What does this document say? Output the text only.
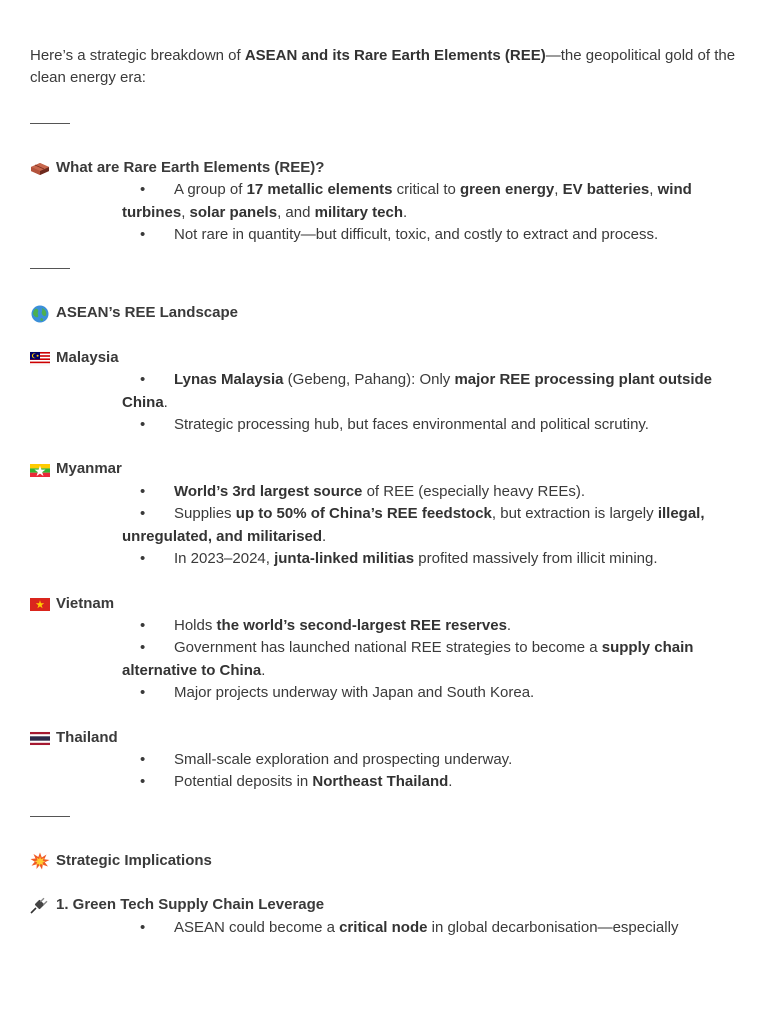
Here’s a strategic breakdown of ASEAN and its Rare Earth Elements (REE)—the geopolitical gold of the clean energy era:

What are Rare Earth Elements (REE)?

• A group of 17 metallic elements critical to green energy, EV batteries, wind turbines, solar panels, and military tech.

• Not rare in quantity—but difficult, toxic, and costly to extract and process.

ASEAN’s REE Landscape
Malaysia

• Lynas Malaysia (Gebeng, Pahang): Only major REE processing plant outside China.

• Strategic processing hub, but faces environmental and political scrutiny.

Myanmar

• World’s 3rd largest source of REE (especially heavy REEs).

• Supplies up to 50% of China’s REE feedstock, but extraction is largely illegal, unregulated, and militarised.

• In 2023–2024, junta-linked militias profited massively from illicit mining.

Vietnam

• Holds the world’s second-largest REE reserves.

• Government has launched national REE strategies to become a supply chain alternative to China.

• Major projects underway with Japan and South Korea.

Thailand

• Small-scale exploration and prospecting underway.

• Potential deposits in Northeast Thailand.

Strategic Implications
1. Green Tech Supply Chain Leverage

• ASEAN could become a critical node in global decarbonisation—especially
